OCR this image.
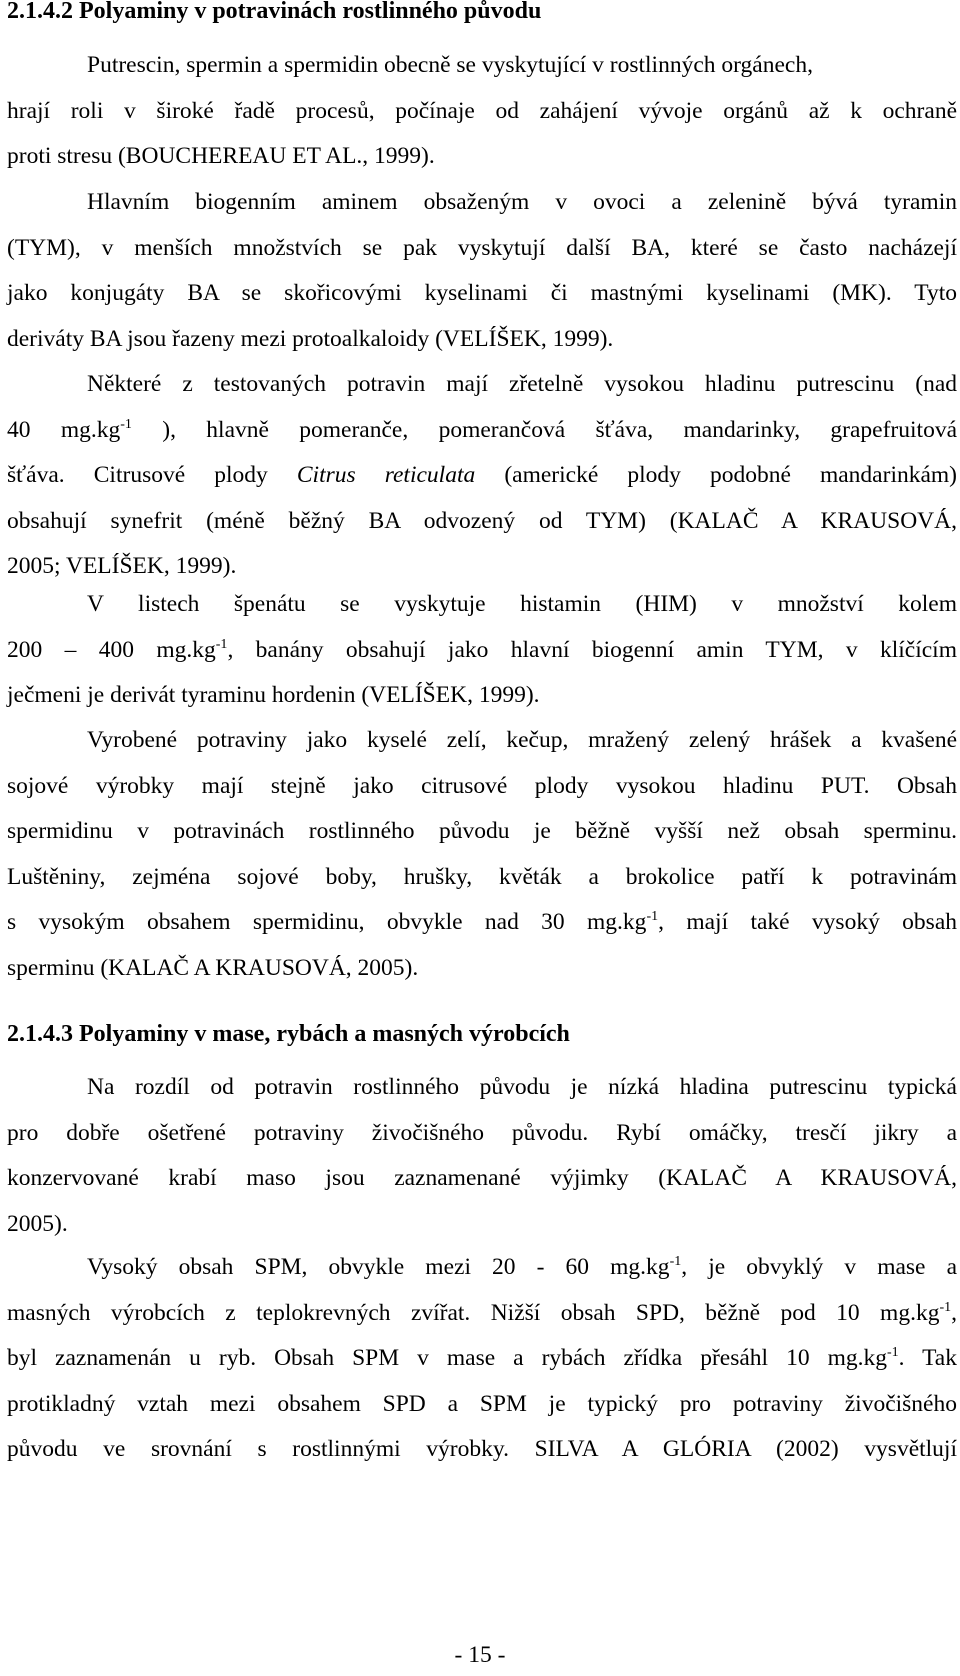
2.1.4.2 Polyaminy v potravinách rostlinného původu
Putrescin, spermin a spermidin obecně se vyskytující v rostlinných orgánech,
hrají roli v široké řadě procesů, počínaje od zahájení vývoje orgánů až k ochraně
proti stresu (BOUCHEREAU ET AL., 1999).
Hlavním biogenním aminem obsaženým v ovoci a zelenině bývá tyramin
(TYM), v menších množstvích se pak vyskytují další BA, které se často nacházejí
jako konjugáty BA se skořicovými kyselinami či mastnými kyselinami (MK). Tyto
deriváty BA jsou řazeny mezi protoalkaloidy (VELÍŠEK, 1999).
Některé z testovaných potravin mají zřetelně vysokou hladinu putrescinu (nad
40 $mg.kg^{-1}$ ), hlavně pomeranče, pomerančová šťáva, mandarinky, grapefruitová
šťáva. Citrusové plody Citrus reticulata (americké plody podobné mandarinkám)
obsahují synefrit (méně běžný BA odvozený od TYM) (KALAČ A KRAUSOVÁ,
2005; VELÍŠEK, 1999).
V listech špenátu se vyskytuje histamin (HIM) v množství kolem
200 – 400 $mg.kg^{-1}$, banány obsahují jako hlavní biogenní amin TYM, v klíčícím
ječmeni je derivát tyraminu hordenin (VELÍŠEK, 1999).
Vyrobené potraviny jako kyselé zelí, kečup, mražený zelený hrášek a kvašené
sojové výrobky mají stejně jako citrusové plody vysokou hladinu PUT. Obsah
spermidinu v potravinách rostlinného původu je běžně vyšší než obsah sperminu.
Luštěniny, zejména sojové boby, hrušky, květák a brokolice patří k potravinám
s vysokým obsahem spermidinu, obvykle nad 30 $mg.kg^{-1}$, mají také vysoký obsah
sperminu (KALAČ A KRAUSOVÁ, 2005).
2.1.4.3 Polyaminy v mase, rybách a masných výrobcích
Na rozdíl od potravin rostlinného původu je nízká hladina putrescinu typická
pro dobře ošetřené potraviny živočišného původu. Rybí omáčky, tresčí jikry a
konzervované krabí maso jsou zaznamenané výjimky (KALAČ A KRAUSOVÁ,
2005).
Vysoký obsah SPM, obvykle mezi 20 - 60 $mg.kg^{-1}$, je obvyklý v mase a
masných výrobcích z teplokrevných zvířat. Nižší obsah SPD, běžně pod 10 $mg.kg^{-1}$,
byl zaznamenán u ryb. Obsah SPM v mase a rybách zřídka přesáhl 10 $mg.kg^{-1}$. Tak
protikladný vztah mezi obsahem SPD a SPM je typický pro potraviny živočišného
původu ve srovnání s rostlinnými výrobky. SILVA A GLÓRIA (2002) vysvětlují
- 15 -
